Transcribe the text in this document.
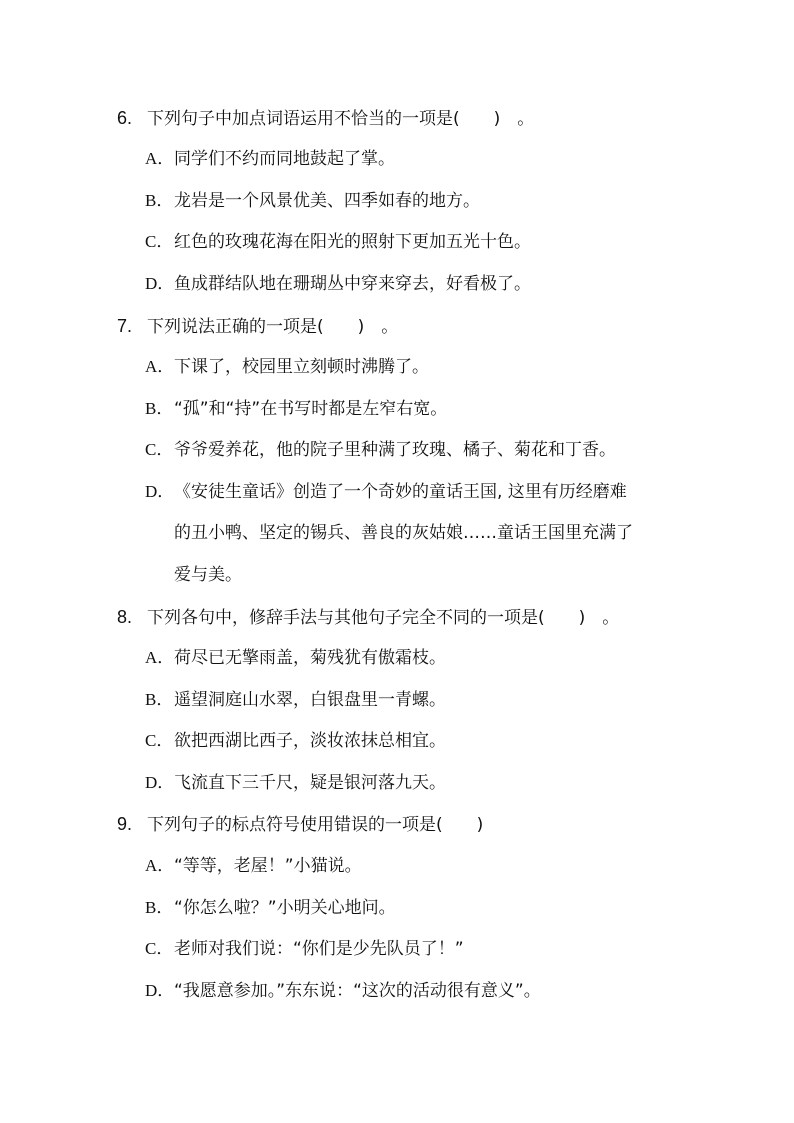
6. 下列句子中加点词语运用不恰当的一项是(　　)　。
A．同学们不约而同地鼓起了掌。
B．龙岩是一个风景优美、四季如春的地方。
C．红色的玫瑰花海在阳光的照射下更加五光十色。
D．鱼成群结队地在珊瑚丛中穿来穿去，好看极了。
7. 下列说法正确的一项是(　　)　。
A．下课了，校园里立刻顿时沸腾了。
B．“孤”和“持”在书写时都是左窄右宽。
C．爷爷爱养花，他的院子里种满了玫瑰、橘子、菊花和丁香。
D．《安徒生童话》创造了一个奇妙的童话王国, 这里有历经磨难
的丑小鸭、坚定的锡兵、善良的灰姑娘……童话王国里充满了
爱与美。
8. 下列各句中，修辞手法与其他句子完全不同的一项是(　　)　。
A．荷尽已无擎雨盖，菊残犹有傲霜枝。
B．遥望洞庭山水翠，白银盘里一青螺。
C．欲把西湖比西子，淡妆浓抹总相宜。
D．飞流直下三千尺，疑是银河落九天。
9. 下列句子的标点符号使用错误的一项是(　　)
A．“等等，老屋！”小猫说。
B．“你怎么啦？”小明关心地问。
C．老师对我们说：“你们是少先队员了！”
D．“我愿意参加。”东东说：“这次的活动很有意义”。
